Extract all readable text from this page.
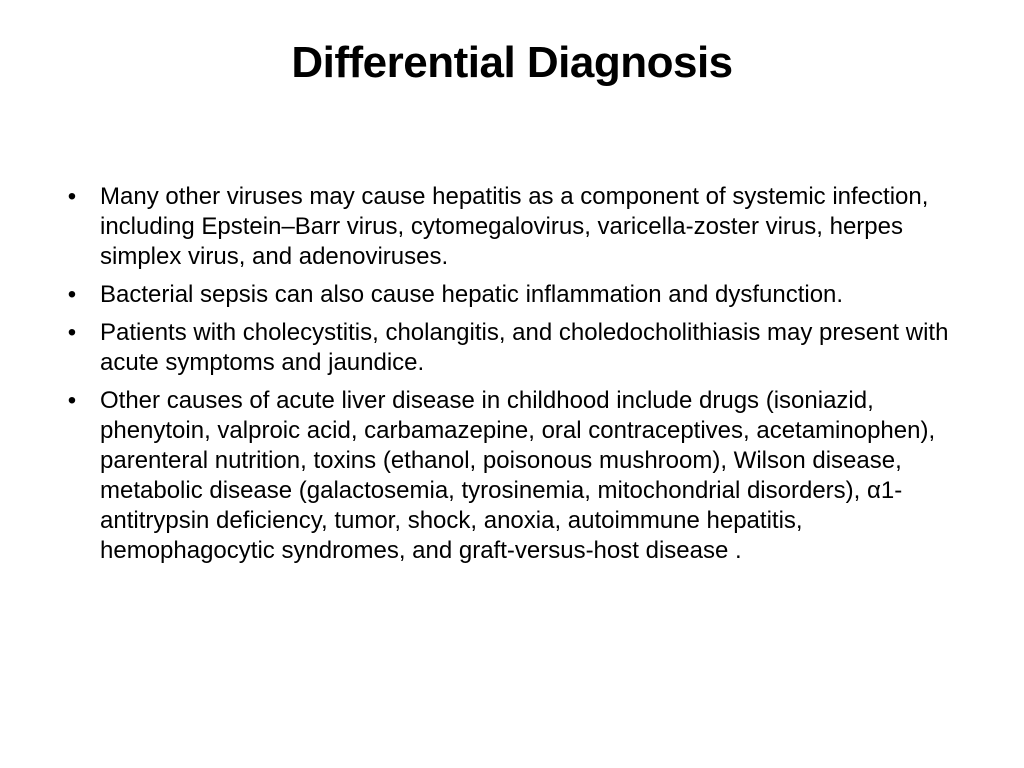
Differential Diagnosis
• Many other viruses may cause hepatitis as a component of systemic infection, including Epstein–Barr virus, cytomegalovirus, varicella-zoster virus, herpes simplex virus, and adenoviruses.
• Bacterial sepsis can also cause hepatic inflammation and dysfunction.
• Patients with cholecystitis, cholangitis, and choledocholithiasis may present with acute symptoms and jaundice.
• Other causes of acute liver disease in childhood include drugs (isoniazid, phenytoin, valproic acid, carbamazepine, oral contraceptives, acetaminophen), parenteral nutrition, toxins (ethanol, poisonous mushroom), Wilson disease, metabolic disease (galactosemia, tyrosinemia, mitochondrial disorders), α1-antitrypsin deficiency, tumor, shock, anoxia, autoimmune hepatitis, hemophagocytic syndromes, and graft-versus-host disease .
